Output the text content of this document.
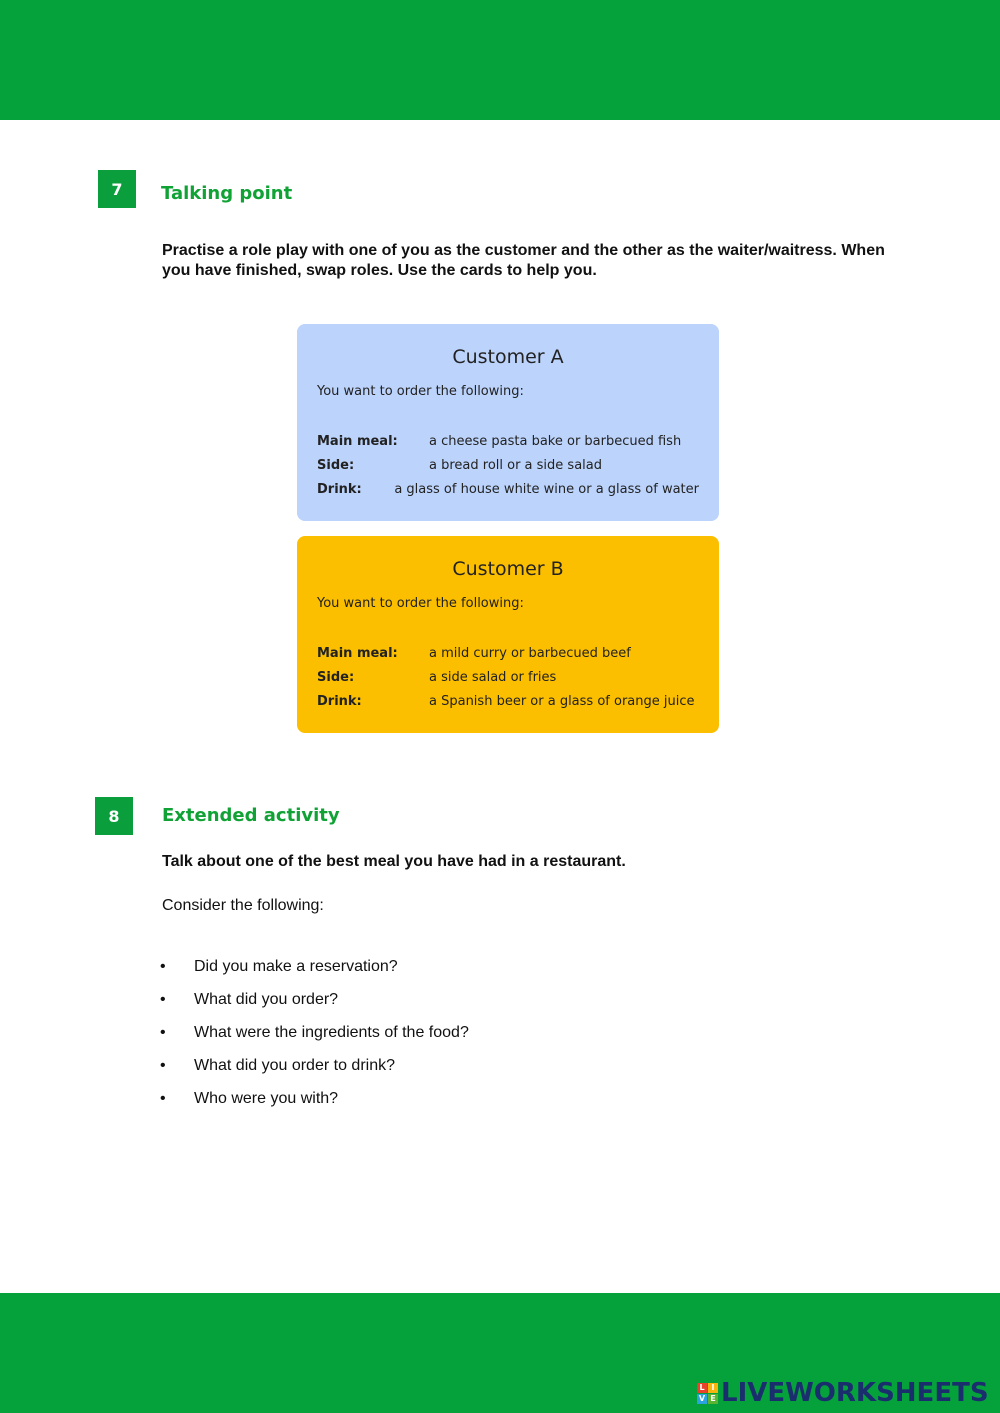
7	Talking point
Practise a role play with one of you as the customer and the other as the waiter/waitress. When you have finished, swap roles. Use the cards to help you.
Customer A
You want to order the following:
Main meal:	a cheese pasta bake or barbecued fish
Side:	a bread roll or a side salad
Drink:	a glass of house white wine or a glass of water
Customer B
You want to order the following:
Main meal:	a mild curry or barbecued beef
Side:	a side salad or fries
Drink:	a Spanish beer or a glass of orange juice
8	Extended activity
Talk about one of the best meal you have had in a restaurant.
Consider the following:
•	Did you make a reservation?
•	What did you order?
•	What were the ingredients of the food?
•	What did you order to drink?
•	Who were you with?
L I
V E LIVEWORKSHEETS
